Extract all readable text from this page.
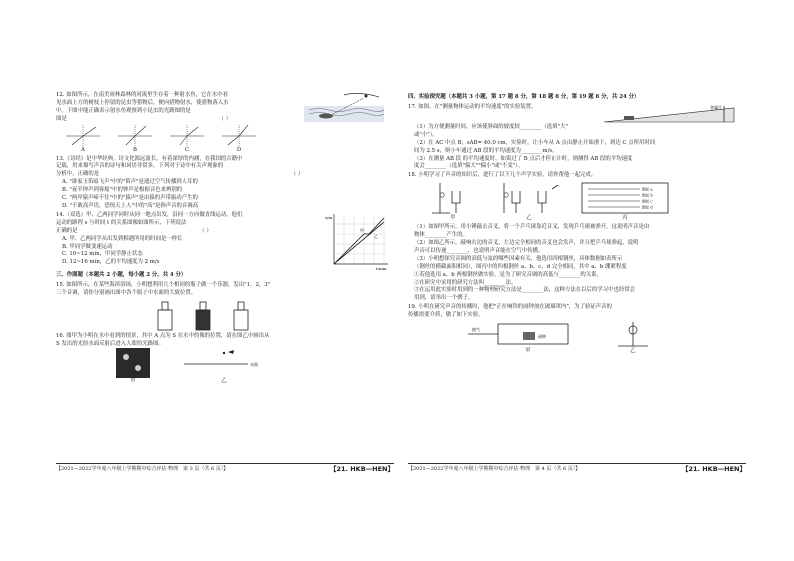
12. 如图所示，在南美雨林森林的河流里生存着一种射水鱼，它在水中看
见水面上方的树枝上停留的昆虫等猎物后，便向猎物射水，使猎物落入水
中。下图中能正确表示射水鱼观察到小昆虫的光路图的是
图是	（ ）
A	B	C	D
13.《诗经》是中华经典，诗文化源远流长，有着深厚的内涵，在我国的古籍中
记载，用来描写声音的诗句和词语非常多，下列对于诗中有关声现象的
分析中，正确的是	（ ）
A. "谁家玉笛暗飞声"中的"笛声"是通过空气传播到人耳的
B. "夜半钟声到客船"中的钟声是根据音色来辨别的
C. "两岸猿声啼不住"中的"猿声"是由猿的声带振动产生的
D. "不敢高声语，恐惊天上人"中的"高"是指声音的音调高
14.（双选）甲、乙两同学同时从同一地点出发，沿同一方向做直线运动，他们
运动的路程 s 与时间 t 的关系图像如图所示，下列说法
正确的是	（ ）
A. 甲、乙两同学从出发到相遇所用的时间是一样长
B. 甲同学做变速运动
C. 10~12 min，甲同学静止状态
D. 12~16 min，乙的平均速度为 2 m/s
s/m
t/min
甲
乙
三、作图题（本题共 2 小题，每小题 2 分，共 4 分）
15. 如图所示，在某些海滨浴场，小明想利用几个相同的瓶子做一个乐器，发出"1，2，3"
三个音调，请你分别画出图中各个瓶子中水面的大致位置。
16. 图甲为小明在水中看到的情景，其中 A 点为 S 在水中的像的位置，请在图乙中画出从
S 发出的光经水面反射后进入人眼的光路图。
甲
水面
乙
【2021—2022学年度八年级上学期期中综合评估·物理　第 3 页（共 6 页）】	【21. HKB—HEN】
四、实验探究题（本题共 3 小题，第 17 题 8 分，第 18 题 8 分，第 19 题 8 分，共 24 分）
17. 如图，在"测量物体运动的平均速度"的实验装置。	金属片
（1）为方便测量时间，应该使斜面的坡度较________（选填"大"
或"小"）。
（2）在 AC 中点 B，sAB= 40.0 cm，实验时，让小车从 A 点由静止开始滑下，到达 C 点所用时间
间为 2.5 s，则小车通过 AB 段的平均速度为________m/s。
（3）在测量 AB 段 的平均速度时，如果过了 B 点后才停止计时，则测得 AB 段的平均速度
度会________（选填"偏大""偏小"或"不变"）。
18. 小明学习了声音的知识后，进行了以下几个声学实验，请你帮他一起完成。
甲	乙
钢丝 a
钢丝 b
钢丝 c
钢丝 d
丙
（1）如图甲所示，用小锤敲击音叉，将一个乒乓球靠近音叉，发现乒乓球被弹开，这说明声音是由
物体________产生的。
（2）如图乙所示，敲响右边的音叉，左边完全相同的音叉也会发声，并且把乒乓球弹起，说明
声音可以传递________，也说明声音能在空气中传播。
（3）小明想探究音调的高低与弦的哪些因素有关，他选用四根钢丝，具体数据如表所示
（钢丝的横截面积相同），图丙中的四根钢丝 a、b、c、d 完全相同，其中 a、b 绷紧程度
①若他选用 a、b 两根钢丝做实验，是为了研究音调的高低与________的关系。
②在研究中采用的研究方法叫________法。
③在运用此实验时用到的一种物理研究方法是________法，这种方法在以后的学习中也经常会
用到，请举出一个例子。
19. 小明在研究声音的传播时，他把"正在响铃的闹钟放在玻璃罩内"，为了验证声音的
传播需要介质，做了如下实验。
抽气
闹钟
甲	乙
【2021—2022学年度八年级上学期期中综合评估·物理　第 4 页（共 6 页）】	【21. HKB—HEN】
